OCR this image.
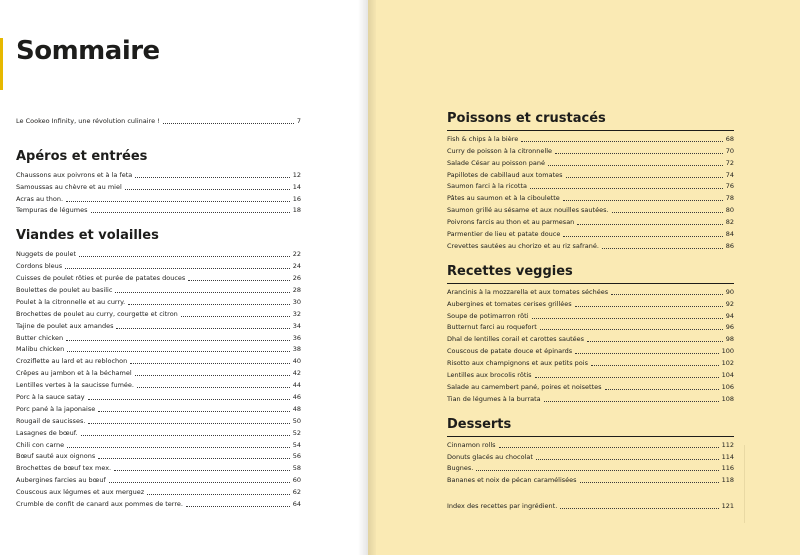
Sommaire
Le Cookeo Infinity, une révolution culinaire !	7
Apéros et entrées
Chaussons aux poivrons et à la feta	12
Samoussas au chèvre et au miel	14
Acras au thon.	16
Tempuras de légumes	18
Viandes et volailles
Nuggets de poulet	22
Cordons bleus	24
Cuisses de poulet rôties et purée de patates douces	26
Boulettes de poulet au basilic	28
Poulet à la citronnelle et au curry.	30
Brochettes de poulet au curry, courgette et citron	32
Tajine de poulet aux amandes	34
Butter chicken	36
Malibu chicken	38
Croziflette au lard et au reblochon	40
Crêpes au jambon et à la béchamel	42
Lentilles vertes à la saucisse fumée.	44
Porc à la sauce satay	46
Porc pané à la japonaise	48
Rougail de saucisses.	50
Lasagnes de bœuf.	52
Chili con carne	54
Bœuf sauté aux oignons	56
Brochettes de bœuf tex mex.	58
Aubergines farcies au bœuf	60
Couscous aux légumes et aux merguez	62
Crumble de confit de canard aux pommes de terre.	64
Poissons et crustacés
Fish & chips à la bière	68
Curry de poisson à la citronnelle	70
Salade César au poisson pané	72
Papillotes de cabillaud aux tomates	74
Saumon farci à la ricotta	76
Pâtes au saumon et à la ciboulette	78
Saumon grillé au sésame et aux nouilles sautées.	80
Poivrons farcis au thon et au parmesan	82
Parmentier de lieu et patate douce	84
Crevettes sautées au chorizo et au riz safrané.	86
Recettes veggies
Arancinis à la mozzarella et aux tomates séchées	90
Aubergines et tomates cerises grillées	92
Soupe de potimarron rôti	94
Butternut farci au roquefort	96
Dhal de lentilles corail et carottes sautées	98
Couscous de patate douce et épinards	100
Risotto aux champignons et aux petits pois	102
Lentilles aux brocolis rôtis	104
Salade au camembert pané, poires et noisettes	106
Tian de légumes à la burrata	108
Desserts
Cinnamon rolls	112
Donuts glacés au chocolat	114
Bugnes.	116
Bananes et noix de pécan caramélisées	118
Index des recettes par ingrédient.	121
